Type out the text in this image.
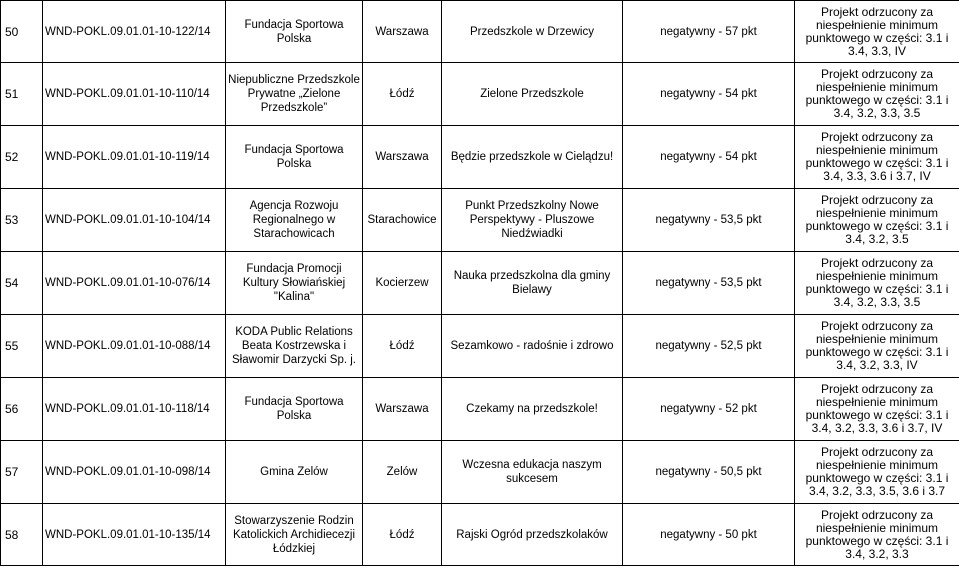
50	WND-POKL.09.01.01-10-122/14	Fundacja Sportowa Polska	Warszawa	Przedszkole w Drzewicy	negatywny - 57 pkt	Projekt odrzucony za niespełnienie minimum punktowego w części: 3.1 i 3.4, 3.3, IV
51	WND-POKL.09.01.01-10-110/14	Niepubliczne Przedszkole Prywatne „Zielone Przedszkole”	Łódź	Zielone Przedszkole	negatywny - 54 pkt	Projekt odrzucony za niespełnienie minimum punktowego w części: 3.1 i 3.4, 3.2, 3.3, 3.5
52	WND-POKL.09.01.01-10-119/14	Fundacja Sportowa Polska	Warszawa	Będzie przedszkole w Cielądzu!	negatywny - 54 pkt	Projekt odrzucony za niespełnienie minimum punktowego w części: 3.1 i 3.4, 3.3, 3.6 i 3.7, IV
53	WND-POKL.09.01.01-10-104/14	Agencja Rozwoju Regionalnego w Starachowicach	Starachowice	Punkt Przedszkolny Nowe Perspektywy - Pluszowe Niedźwiadki	negatywny - 53,5 pkt	Projekt odrzucony za niespełnienie minimum punktowego w części: 3.1 i 3.4, 3.2, 3.5
54	WND-POKL.09.01.01-10-076/14	Fundacja Promocji Kultury Słowiańskiej "Kalina"	Kocierzew	Nauka przedszkolna dla gminy Bielawy	negatywny - 53,5 pkt	Projekt odrzucony za niespełnienie minimum punktowego w części: 3.1 i 3.4, 3.2, 3.3, 3.5
55	WND-POKL.09.01.01-10-088/14	KODA Public Relations Beata Kostrzewska i Sławomir Darzycki Sp. j.	Łódź	Sezamkowo - radośnie i zdrowo	negatywny - 52,5 pkt	Projekt odrzucony za niespełnienie minimum punktowego w części: 3.1 i 3.4, 3.2, 3.3, IV
56	WND-POKL.09.01.01-10-118/14	Fundacja Sportowa Polska	Warszawa	Czekamy na przedszkole!	negatywny - 52 pkt	Projekt odrzucony za niespełnienie minimum punktowego w części: 3.1 i 3.4, 3.2, 3.3, 3.6 i 3.7, IV
57	WND-POKL.09.01.01-10-098/14	Gmina Zelów	Zelów	Wczesna edukacja naszym sukcesem	negatywny - 50,5 pkt	Projekt odrzucony za niespełnienie minimum punktowego w części: 3.1 i 3.4, 3.2, 3.3, 3.5, 3.6 i 3.7
58	WND-POKL.09.01.01-10-135/14	Stowarzyszenie Rodzin Katolickich Archidiecezji Łódzkiej	Łódź	Rajski Ogród przedszkolaków	negatywny - 50 pkt	Projekt odrzucony za niespełnienie minimum punktowego w części: 3.1 i 3.4, 3.2, 3.3
